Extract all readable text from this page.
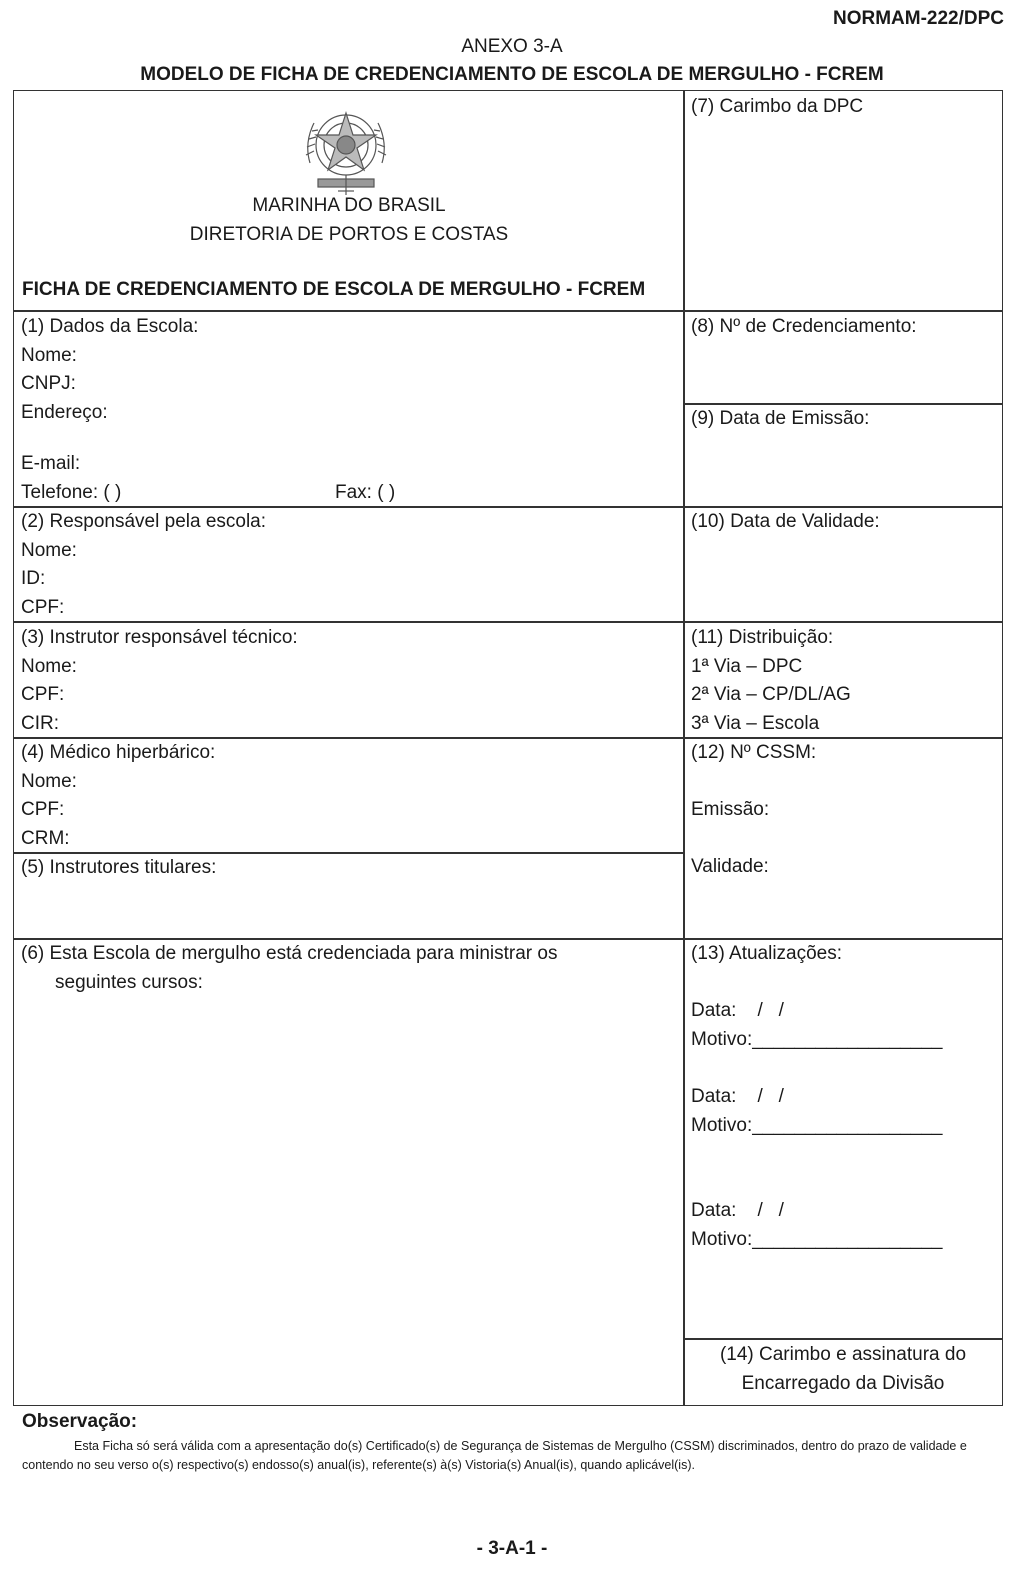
NORMAM-222/DPC
ANEXO 3-A
MODELO DE FICHA DE CREDENCIAMENTO DE ESCOLA DE MERGULHO - FCREM
MARINHA DO BRASIL
DIRETORIA DE PORTOS E COSTAS
FICHA DE CREDENCIAMENTO DE ESCOLA DE MERGULHO - FCREM
(1) Dados da Escola:
Nome:
CNPJ:
Endereço:
E-mail:
Telefone: ( )	Fax: ( )
(2) Responsável pela escola:
Nome:
ID:
CPF:
(3) Instrutor responsável técnico:
Nome:
CPF:
CIR:
(4) Médico hiperbárico:
Nome:
CPF:
CRM:
(5) Instrutores titulares:
(6) Esta Escola de mergulho está credenciada para ministrar os
seguintes cursos:
(7) Carimbo da DPC
(8) Nº de Credenciamento:
(9) Data de Emissão:
(10) Data de Validade:
(11) Distribuição:
1ª Via – DPC
2ª Via – CP/DL/AG
3ª Via – Escola
(12) Nº CSSM:

Emissão:

Validade:
(13) Atualizações:
Data:    /   /
Motivo:__________________
Data:    /   /
Motivo:__________________
Data:    /   /
Motivo:__________________
(14) Carimbo e assinatura do
Encarregado da Divisão
Observação:
Esta Ficha só será válida com a apresentação do(s) Certificado(s) de Segurança de Sistemas de Mergulho (CSSM) discriminados, dentro do prazo de validade e contendo no seu verso o(s) respectivo(s) endosso(s) anual(is), referente(s) à(s) Vistoria(s) Anual(is), quando aplicável(is).
- 3-A-1 -
